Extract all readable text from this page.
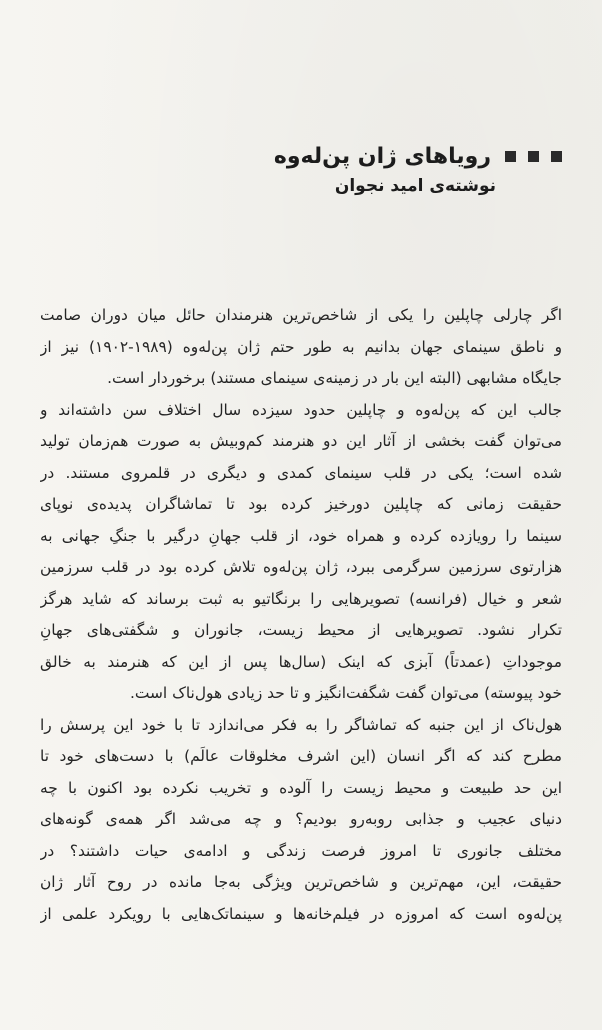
رویاهای ژان پن‌له‌وه
نوشته‌ی امید نجوان
اگر چارلی چاپلین را یکی از شاخص‌ترین هنرمندان حائل میان دوران صامت
و ناطق سینمای جهان بدانیم به طور حتم ژان پن‌له‌وه (۱۹۸۹-۱۹۰۲) نیز از
جایگاه مشابهی (البته این بار در زمینه‌ی سینمای مستند) برخوردار است.
جالب این که پن‌له‌وه و چاپلین حدود سیزده سال اختلاف سن داشته‌اند و
می‌توان گفت بخشی از آثار این دو هنرمند کم‌وبیش به صورت هم‌زمان تولید
شده است؛ یکی در قلب سینمای کمدی و دیگری در قلمروی مستند. در
حقیقت زمانی که چاپلین دورخیز کرده بود تا تماشاگران پدیده‌ی نوپای
سینما را رویازده کرده و همراه خود، از قلب جهانِ درگیر با جنگِ جهانی به
هزارتوی سرزمین سرگرمی ببرد، ژان پن‌له‌وه تلاش کرده بود در قلب سرزمین
شعر و خیال (فرانسه) تصویرهایی را برنگاتیو به ثبت برساند که شاید هرگز
تکرار نشود. تصویرهایی از محیط زیست، جانوران و شگفتی‌های جهانِ
موجوداتِ (عمدتاً) آبزی که اینک (سال‌ها پس از این که هنرمند به خالق
خود پیوسته) می‌توان گفت شگفت‌انگیز و تا حد زیادی هول‌ناک است.
هول‌ناک از این جنبه که تماشاگر را به فکر می‌اندازد تا با خود این پرسش را
مطرح کند که اگر انسان (این اشرف مخلوقات عالَم) با دست‌های خود تا
این حد طبیعت و محیط زیست را آلوده و تخریب نکرده بود اکنون با چه
دنیای عجیب و جذابی روبه‌رو بودیم؟ و چه می‌شد اگر همه‌ی گونه‌های
مختلف جانوری تا امروز فرصت زندگی و ادامه‌ی حیات داشتند؟ در
حقیقت، این، مهم‌ترین و شاخص‌ترین ویژگی به‌جا مانده در روح آثار ژان
پن‌له‌وه است که امروزه در فیلم‌خانه‌ها و سینماتک‌هایی با رویکرد علمی از
